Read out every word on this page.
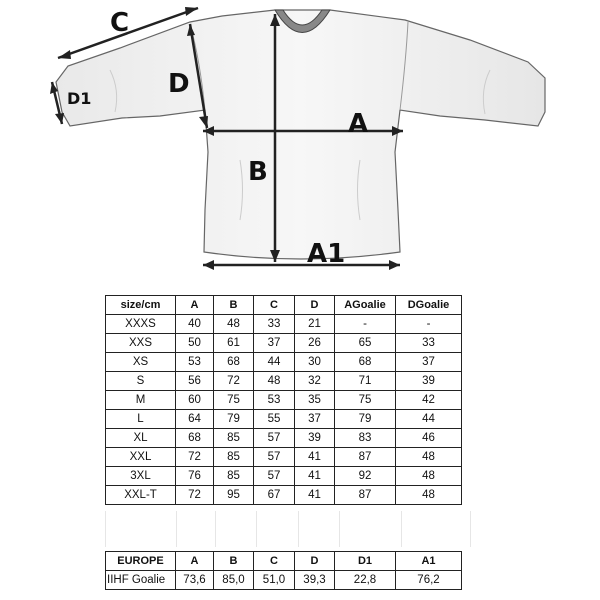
C
D1	D
A
B
A1
size/cm	A	B	C	D	AGoalie	DGoalie
XXXS	40	48	33	21	-	-
XXS	50	61	37	26	65	33
XS	53	68	44	30	68	37
S	56	72	48	32	71	39
M	60	75	53	35	75	42
L	64	79	55	37	79	44
XL	68	85	57	39	83	46
XXL	72	85	57	41	87	48
3XL	76	85	57	41	92	48
XXL-T	72	95	67	41	87	48
EUROPE	A	B	C	D	D1	A1
IIHF Goalie	73,6	85,0	51,0	39,3	22,8	76,2
